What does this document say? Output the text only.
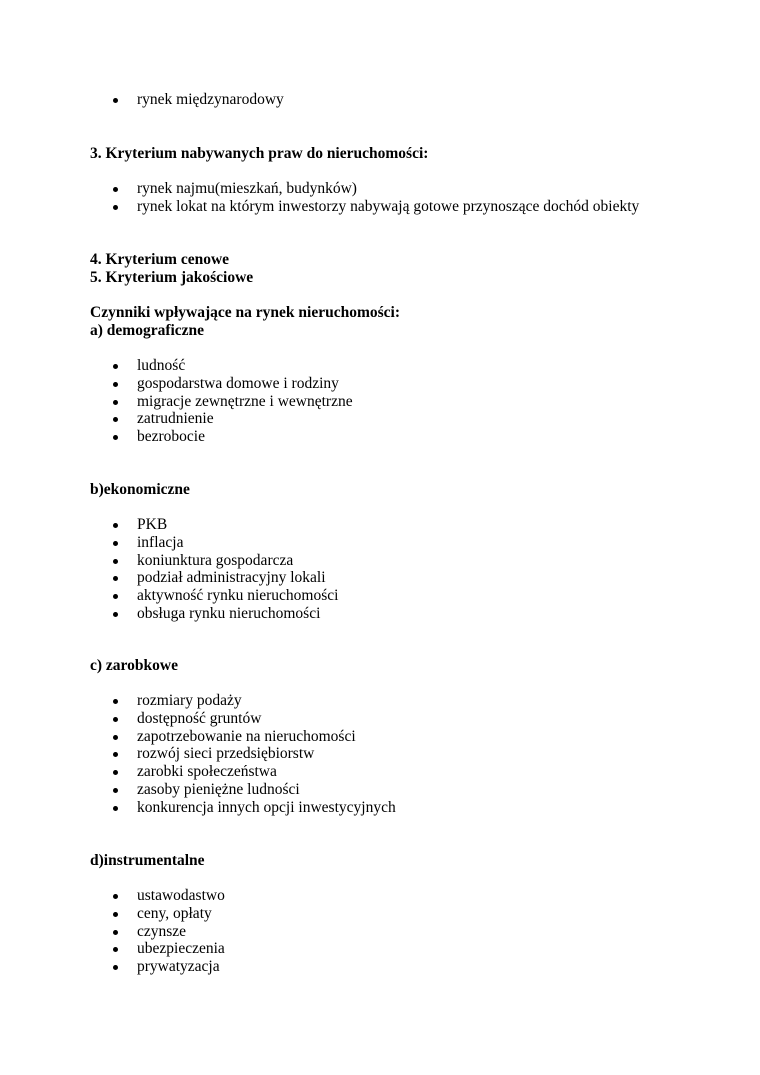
rynek międzynarodowy
3. Kryterium nabywanych praw do nieruchomości:
rynek najmu(mieszkań, budynków)
rynek lokat na którym inwestorzy nabywają gotowe przynoszące dochód obiekty
4. Kryterium cenowe
5. Kryterium jakościowe
Czynniki wpływające na rynek nieruchomości:
a) demograficzne
ludność
gospodarstwa domowe i rodziny
migracje zewnętrzne i wewnętrzne
zatrudnienie
bezrobocie
b)ekonomiczne
PKB
inflacja
koniunktura gospodarcza
podział administracyjny lokali
aktywność rynku nieruchomości
obsługa rynku nieruchomości
c) zarobkowe
rozmiary podaży
dostępność gruntów
zapotrzebowanie na nieruchomości
rozwój sieci przedsiębiorstw
zarobki społeczeństwa
zasoby pieniężne ludności
konkurencja innych opcji inwestycyjnych
d)instrumentalne
ustawodastwo
ceny, opłaty
czynsze
ubezpieczenia
prywatyzacja
